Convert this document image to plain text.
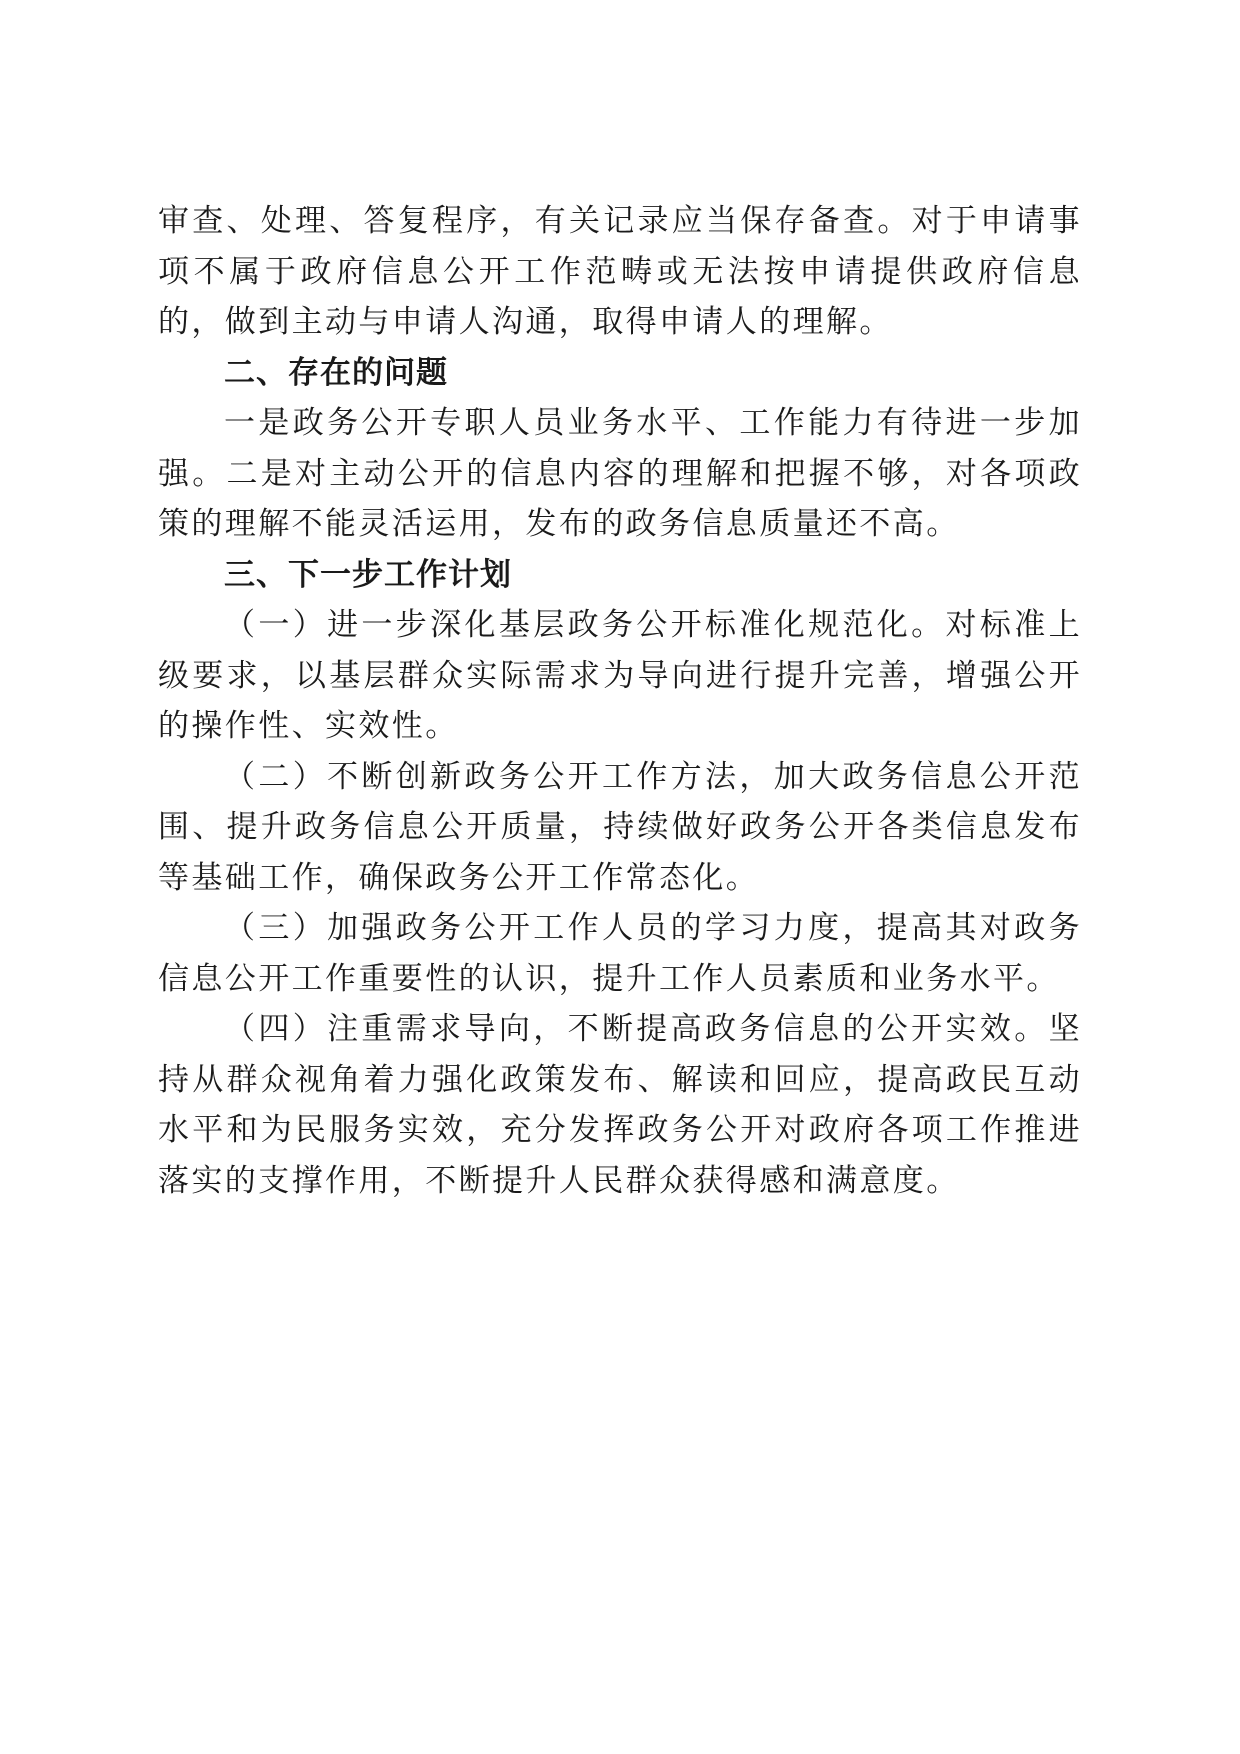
审查、处理、答复程序，有关记录应当保存备查。对于申请事项不属于政府信息公开工作范畴或无法按申请提供政府信息的，做到主动与申请人沟通，取得申请人的理解。

二、存在的问题

一是政务公开专职人员业务水平、工作能力有待进一步加强。二是对主动公开的信息内容的理解和把握不够，对各项政策的理解不能灵活运用，发布的政务信息质量还不高。

三、下一步工作计划

（一）进一步深化基层政务公开标准化规范化。对标准上级要求，以基层群众实际需求为导向进行提升完善，增强公开的操作性、实效性。

（二）不断创新政务公开工作方法，加大政务信息公开范围、提升政务信息公开质量，持续做好政务公开各类信息发布等基础工作，确保政务公开工作常态化。

（三）加强政务公开工作人员的学习力度，提高其对政务信息公开工作重要性的认识，提升工作人员素质和业务水平。

（四）注重需求导向，不断提高政务信息的公开实效。坚持从群众视角着力强化政策发布、解读和回应，提高政民互动水平和为民服务实效，充分发挥政务公开对政府各项工作推进落实的支撑作用，不断提升人民群众获得感和满意度。
